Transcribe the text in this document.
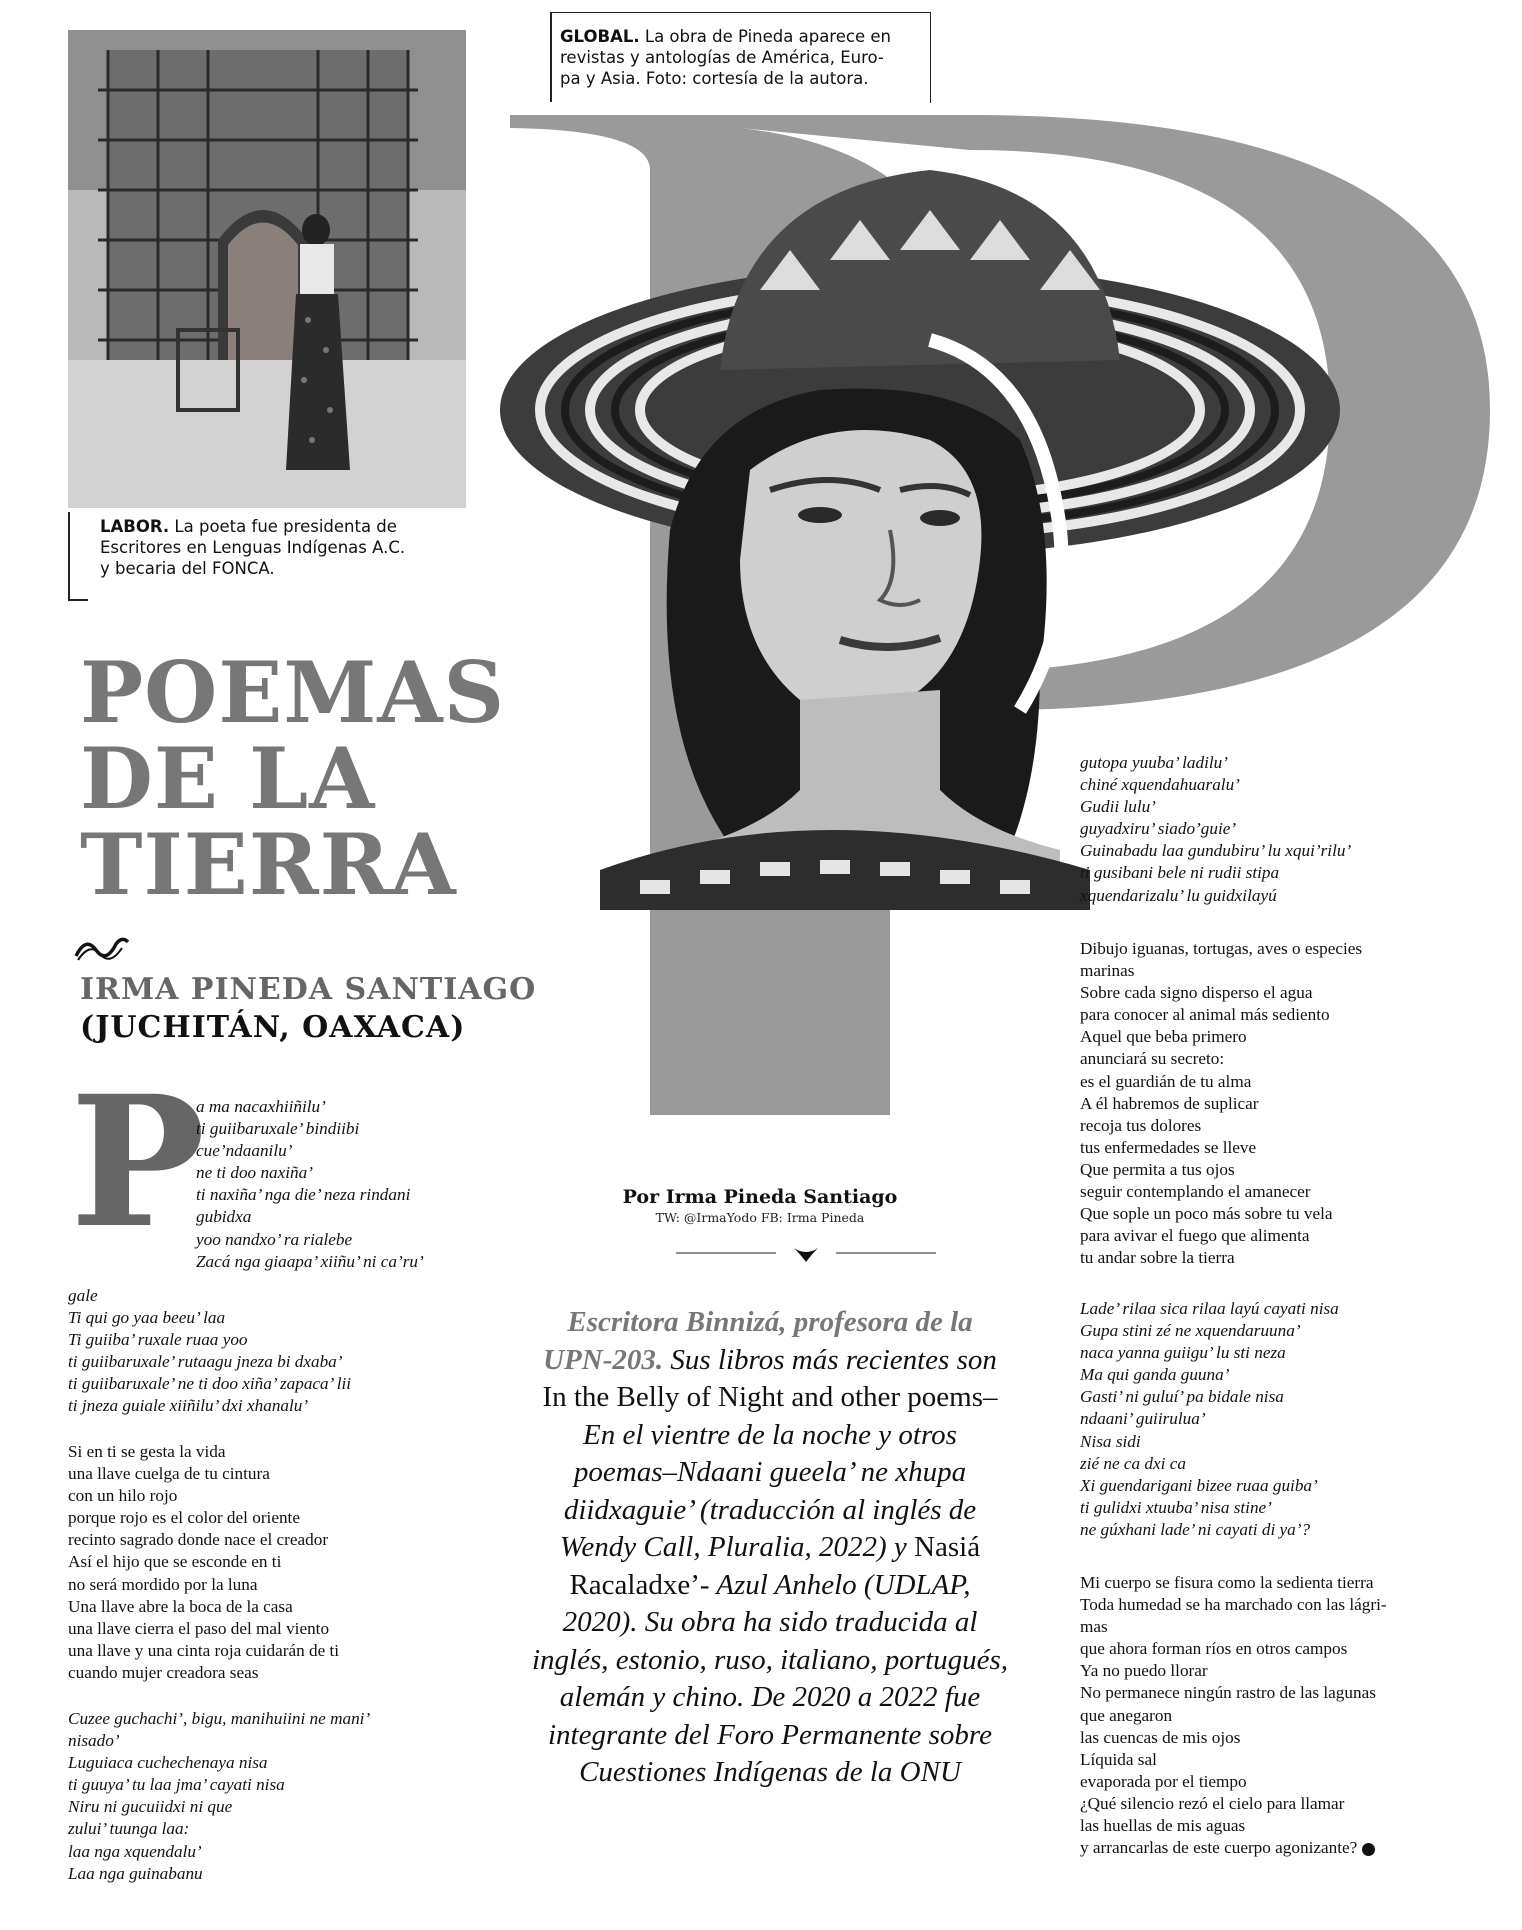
GLOBAL. La obra de Pineda aparece en
revistas y antologías de América, Euro-
pa y Asia. Foto: cortesía de la autora.
LABOR. La poeta fue presidenta de
Escritores en Lenguas Indígenas A.C.
y becaria del FONCA.
POEMAS
DE LA
TIERRA
IRMA PINEDA SANTIAGO
(JUCHITÁN, OAXACA)
P
a ma nacaxhiiñilu’
ti guiibaruxale’ bindiibi
cue’ndaanilu’
ne ti doo naxiña’
ti naxiña’ nga die’ neza rindani
gubidxa
yoo nandxo’ ra rialebe
Zacá nga giaapa’ xiiñu’ ni ca’ru’
gale
Ti qui go yaa beeu’ laa
Ti guiiba’ ruxale ruaa yoo
ti guiibaruxale’ rutaagu jneza bi dxaba’
ti guiibaruxale’ ne ti doo xiña’ zapaca’ lii
ti jneza guiale xiiñilu’ dxi xhanalu’
Si en ti se gesta la vida
una llave cuelga de tu cintura
con un hilo rojo
porque rojo es el color del oriente
recinto sagrado donde nace el creador
Así el hijo que se esconde en ti
no será mordido por la luna
Una llave abre la boca de la casa
una llave cierra el paso del mal viento
una llave y una cinta roja cuidarán de ti
cuando mujer creadora seas
Cuzee guchachi’, bigu, manihuiini ne mani’
nisado’
Luguiaca cuchechenaya nisa
ti guuya’ tu laa jma’ cayati nisa
Niru ni gucuiidxi ni que
zului’ tuunga laa:
laa nga xquendalu’
Laa nga guinabanu
Por Irma Pineda Santiago
TW: @IrmaYodo FB: Irma Pineda
Escritora Binnizá, profesora de la UPN-203. Sus libros más recientes son In the Belly of Night and other poems–En el vientre de la noche y otros poemas–Ndaani gueela’ ne xhupa diidxaguie’ (traducción al inglés de Wendy Call, Pluralia, 2022) y Nasiá Racaladxe’- Azul Anhelo (UDLAP, 2020). Su obra ha sido traducida al inglés, estonio, ruso, italiano, portugués, alemán y chino. De 2020 a 2022 fue integrante del Foro Permanente sobre Cuestiones Indígenas de la ONU
gutopa yuuba’ ladilu’
chiné xquendahuaralu’
Gudii lulu’
guyadxiru’ siado’guie’
Guinabadu laa gundubiru’ lu xqui’rilu’
ti gusibani bele ni rudii stipa
xquendarizalu’ lu guidxilayú
Dibujo iguanas, tortugas, aves o especies
marinas
Sobre cada signo disperso el agua
para conocer al animal más sediento
Aquel que beba primero
anunciará su secreto:
es el guardián de tu alma
A él habremos de suplicar
recoja tus dolores
tus enfermedades se lleve
Que permita a tus ojos
seguir contemplando el amanecer
Que sople un poco más sobre tu vela
para avivar el fuego que alimenta
tu andar sobre la tierra
Lade’ rilaa sica rilaa layú cayati nisa
Gupa stini zé ne xquendaruuna’
naca yanna guiigu’ lu sti neza
Ma qui ganda guuna’
Gasti’ ni guluí’ pa bidale nisa
ndaani’ guiirulua’
Nisa sidi
zié ne ca dxi ca
Xi guendarigani bizee ruaa guiba’
ti gulidxi xtuuba’ nisa stine’
ne gúxhani lade’ ni cayati di ya’?
Mi cuerpo se fisura como la sedienta tierra
Toda humedad se ha marchado con las lágri-
mas
que ahora forman ríos en otros campos
Ya no puedo llorar
No permanece ningún rastro de las lagunas
que anegaron
las cuencas de mis ojos
Líquida sal
evaporada por el tiempo
¿Qué silencio rezó el cielo para llamar
las huellas de mis aguas
y arrancarlas de este cuerpo agonizante?
